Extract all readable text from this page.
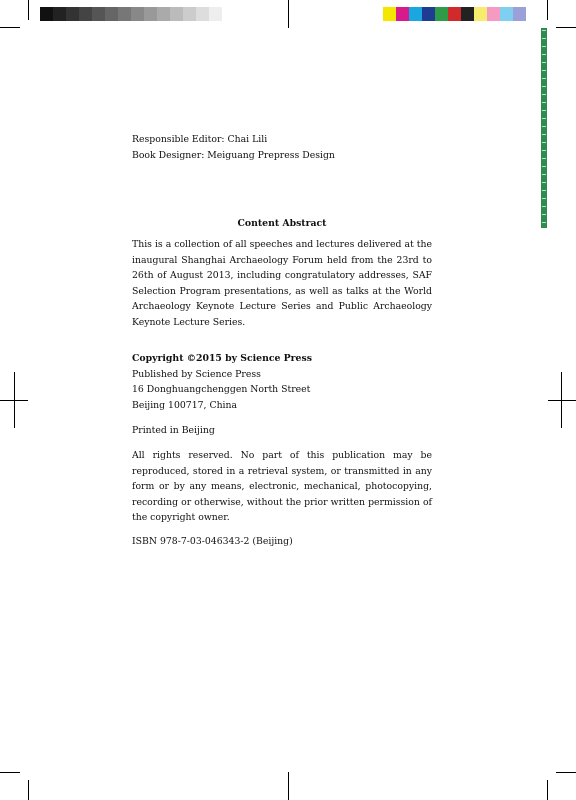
Responsible Editor: Chai Lili

Book Designer: Meiguang Prepress Design

Content Abstract
This is a collection of all speeches and lectures delivered at the inaugural Shanghai Archaeology Forum held from the 23rd to 26th of August 2013, including congratulatory addresses, SAF Selection Program presentations, as well as talks at the World Archaeology Keynote Lecture Series and Public Archaeology Keynote Lecture Series.

Copyright ©2015 by Science Press

Published by Science Press

16 Donghuangchenggen North Street

Beijing 100717, China

Printed in Beijing
All rights reserved. No part of this publication may be reproduced, stored in a retrieval system, or transmitted in any form or by any means, electronic, mechanical, photocopying, recording or otherwise, without the prior written permission of the copyright owner.
ISBN 978-7-03-046343-2 (Beijing)
